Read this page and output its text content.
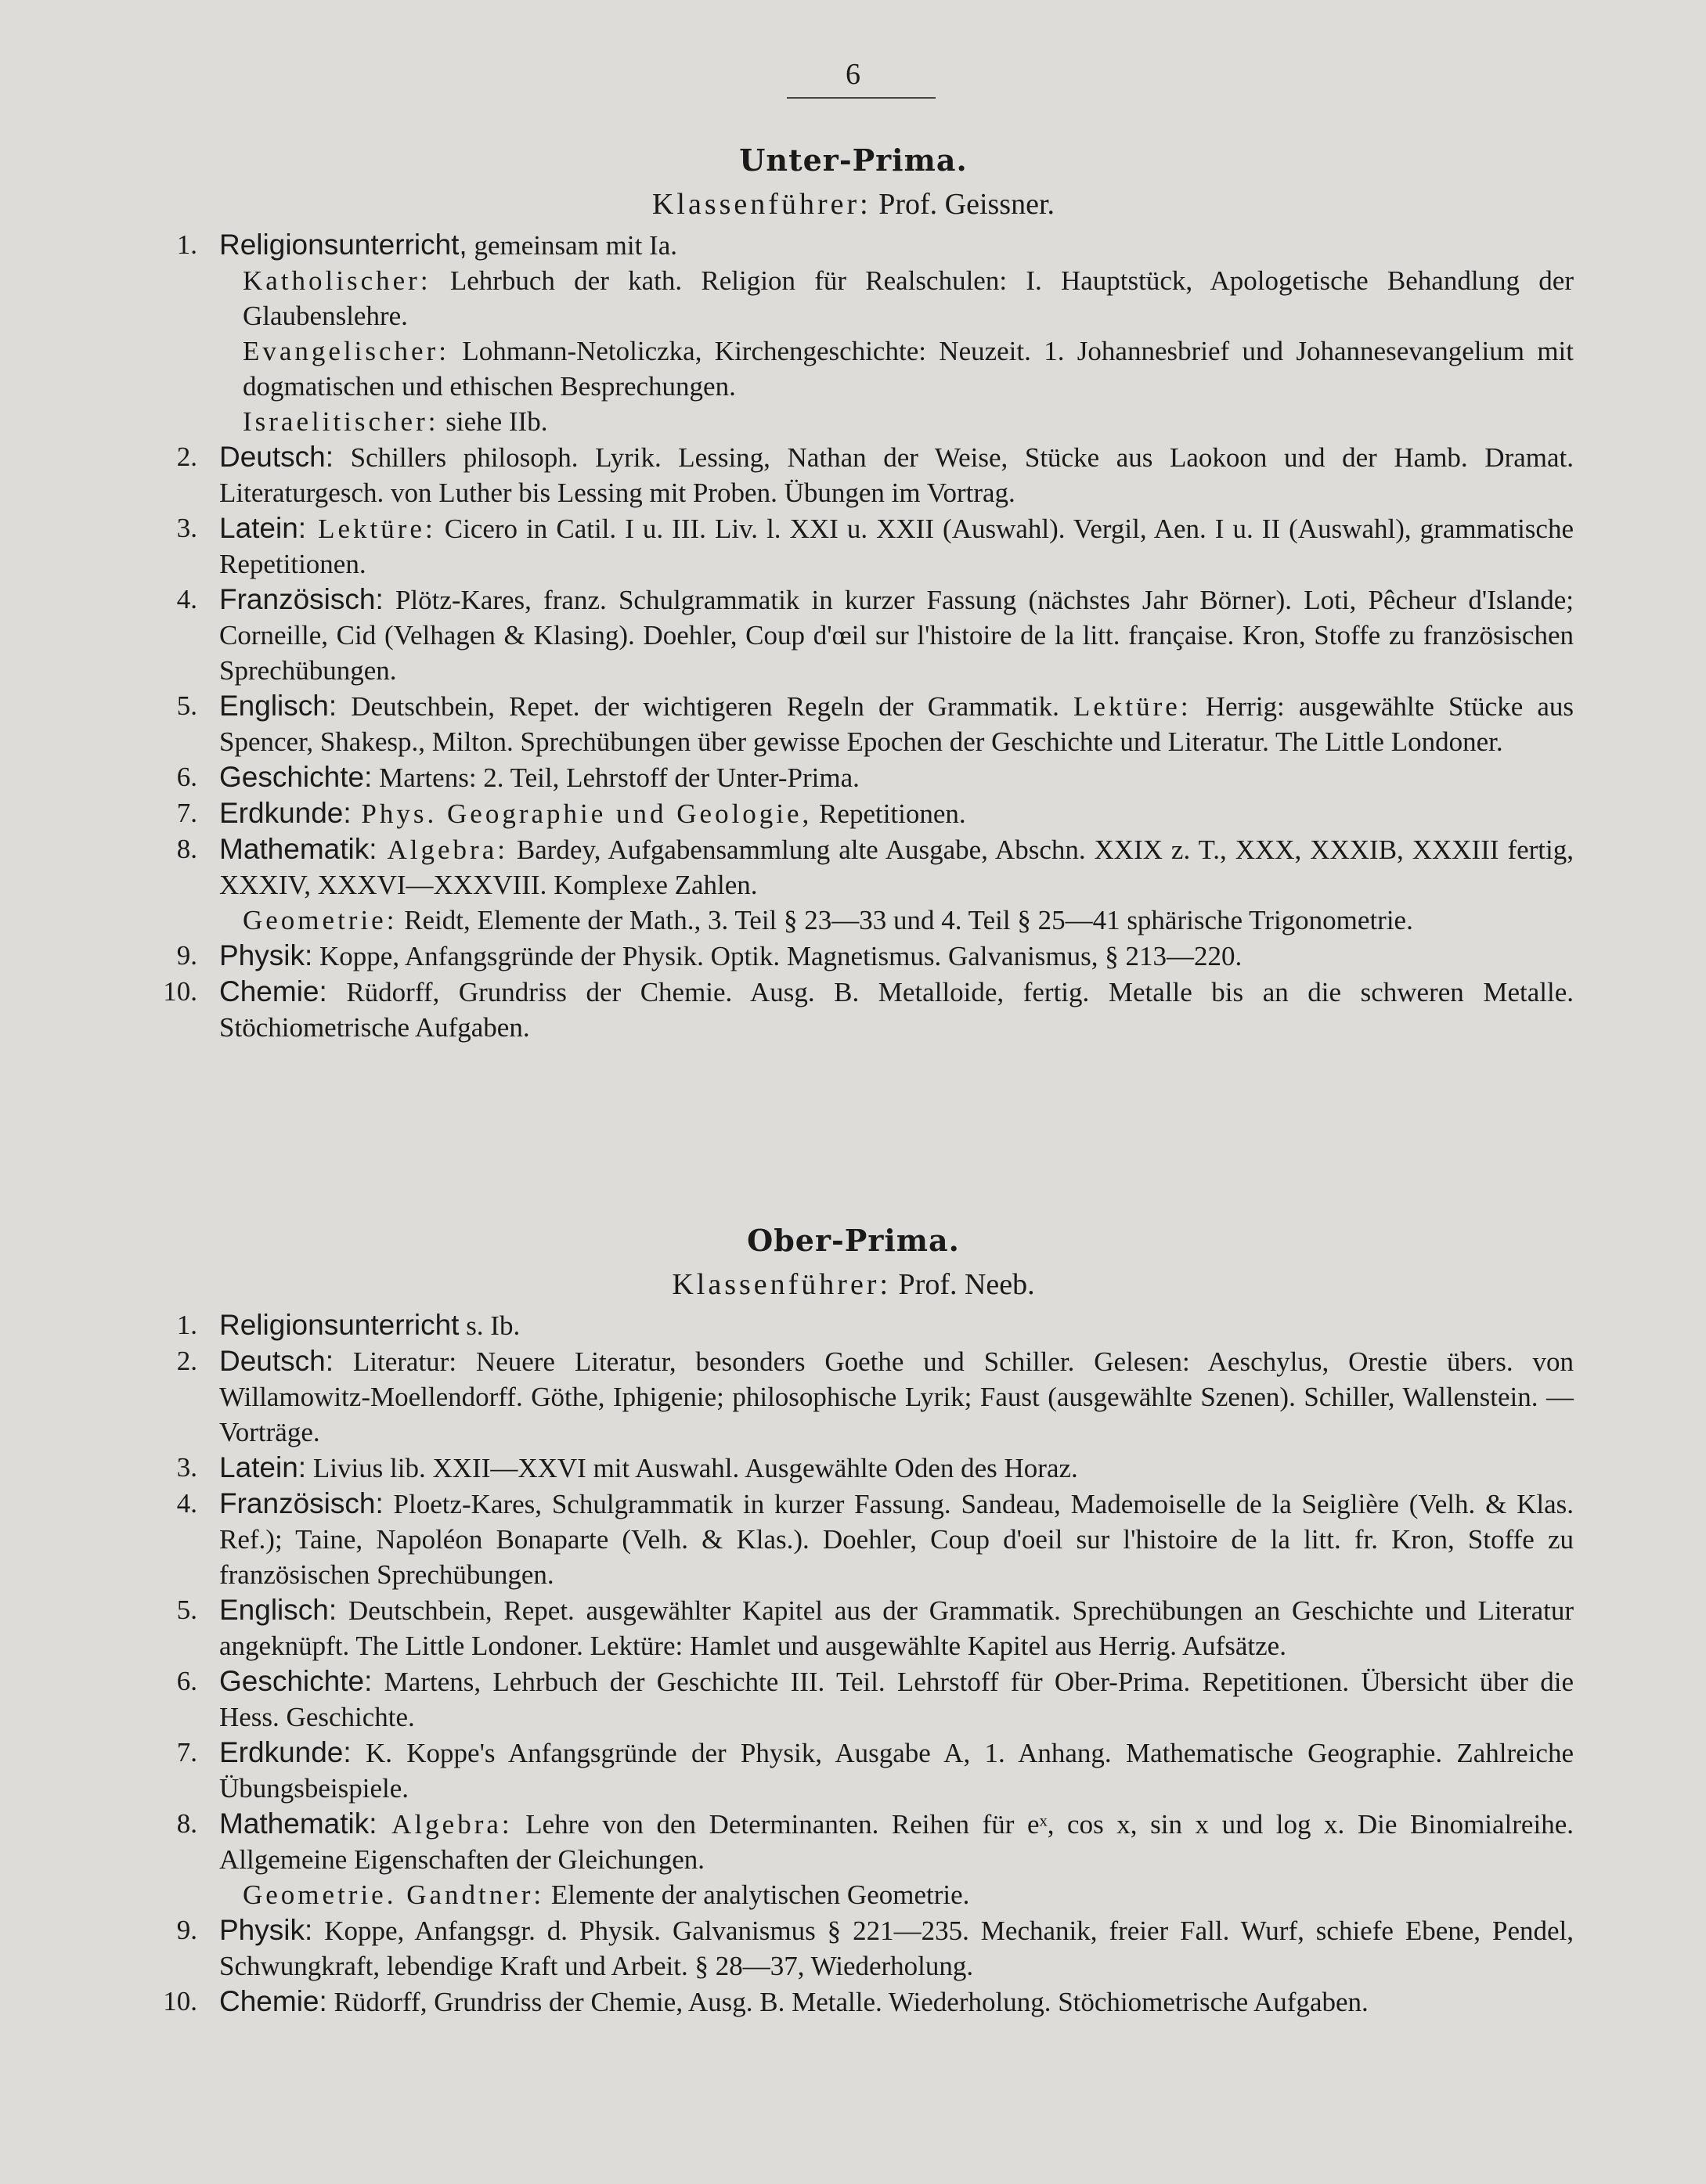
6
Unter-Prima.
Klassenführer: Prof. Geissner.
1. Religionsunterricht, gemeinsam mit Ia.
Katholischer: Lehrbuch der kath. Religion für Realschulen: I. Hauptstück, Apologetische Behandlung der Glaubenslehre.
Evangelischer: Lohmann-Netoliczka, Kirchengeschichte: Neuzeit. 1. Johannesbrief und Johannesevangelium mit dogmatischen und ethischen Besprechungen.
Israelitischer: siehe IIb.
2. Deutsch: Schillers philosoph. Lyrik. Lessing, Nathan der Weise, Stücke aus Laokoon und der Hamb. Dramat. Literaturgesch. von Luther bis Lessing mit Proben. Übungen im Vortrag.
3. Latein: Lektüre: Cicero in Catil. I u. III. Liv. l. XXI u. XXII (Auswahl). Vergil, Aen. I u. II (Auswahl), grammatische Repetitionen.
4. Französisch: Plötz-Kares, franz. Schulgrammatik in kurzer Fassung (nächstes Jahr Börner). Loti, Pêcheur d'Islande; Corneille, Cid (Velhagen & Klasing). Doehler, Coup d'œil sur l'histoire de la litt. française. Kron, Stoffe zu französischen Sprechübungen.
5. Englisch: Deutschbein, Repet. der wichtigeren Regeln der Grammatik. Lektüre: Herrig: ausgewählte Stücke aus Spencer, Shakesp., Milton. Sprechübungen über gewisse Epochen der Geschichte und Literatur. The Little Londoner.
6. Geschichte: Martens: 2. Teil, Lehrstoff der Unter-Prima.
7. Erdkunde: Phys. Geographie und Geologie, Repetitionen.
8. Mathematik: Algebra: Bardey, Aufgabensammlung alte Ausgabe, Abschn. XXIX z. T., XXX, XXXIB, XXXIII fertig, XXXIV, XXXVI—XXXVIII. Komplexe Zahlen.
Geometrie: Reidt, Elemente der Math., 3. Teil § 23—33 und 4. Teil § 25—41 sphärische Trigonometrie.
9. Physik: Koppe, Anfangsgründe der Physik. Optik. Magnetismus. Galvanismus, § 213—220.
10. Chemie: Rüdorff, Grundriss der Chemie. Ausg. B. Metalloide, fertig. Metalle bis an die schweren Metalle. Stöchiometrische Aufgaben.
Ober-Prima.
Klassenführer: Prof. Neeb.
1. Religionsunterricht s. Ib.
2. Deutsch: Literatur: Neuere Literatur, besonders Goethe und Schiller. Gelesen: Aeschylus, Orestie übers. von Willamowitz-Moellendorff. Göthe, Iphigenie; philosophische Lyrik; Faust (ausgewählte Szenen). Schiller, Wallenstein. — Vorträge.
3. Latein: Livius lib. XXII—XXVI mit Auswahl. Ausgewählte Oden des Horaz.
4. Französisch: Ploetz-Kares, Schulgrammatik in kurzer Fassung. Sandeau, Mademoiselle de la Seiglière (Velh. & Klas. Ref.); Taine, Napoléon Bonaparte (Velh. & Klas.). Doehler, Coup d'oeil sur l'histoire de la litt. fr. Kron, Stoffe zu französischen Sprechübungen.
5. Englisch: Deutschbein, Repet. ausgewählter Kapitel aus der Grammatik. Sprechübungen an Geschichte und Literatur angeknüpft. The Little Londoner. Lektüre: Hamlet und ausgewählte Kapitel aus Herrig. Aufsätze.
6. Geschichte: Martens, Lehrbuch der Geschichte III. Teil. Lehrstoff für Ober-Prima. Repetitionen. Übersicht über die Hess. Geschichte.
7. Erdkunde: K. Koppe's Anfangsgründe der Physik, Ausgabe A, 1. Anhang. Mathematische Geographie. Zahlreiche Übungsbeispiele.
8. Mathematik: Algebra: Lehre von den Determinanten. Reihen für eˣ, cos x, sin x und log x. Die Binomialreihe. Allgemeine Eigenschaften der Gleichungen.
Geometrie. Gandtner: Elemente der analytischen Geometrie.
9. Physik: Koppe, Anfangsgr. d. Physik. Galvanismus § 221—235. Mechanik, freier Fall. Wurf, schiefe Ebene, Pendel, Schwungkraft, lebendige Kraft und Arbeit. § 28—37, Wiederholung.
10. Chemie: Rüdorff, Grundriss der Chemie, Ausg. B. Metalle. Wiederholung. Stöchiometrische Aufgaben.
